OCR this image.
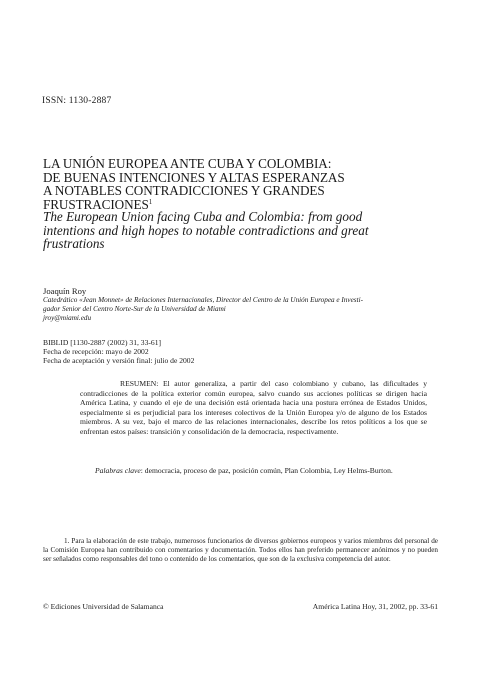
ISSN: 1130-2887
LA UNIÓN EUROPEA ANTE CUBA Y COLOMBIA:
DE BUENAS INTENCIONES Y ALTAS ESPERANZAS
A NOTABLES CONTRADICCIONES Y GRANDES
FRUSTRACIONES$^1$
The European Union facing Cuba and Colombia: from good
intentions and high hopes to notable contradictions and great
frustrations
Joaquín Roy
Catedrático «Jean Monnet» de Relaciones Internacionales, Director del Centro de la Unión Europea e Investi-
gador Senior del Centro Norte-Sur de la Universidad de Miami
jroy@miami.edu
BIBLID [1130-2887 (2002) 31, 33-61]
Fecha de recepción: mayo de 2002
Fecha de aceptación y versión final: julio de 2002
RESUMEN: El autor generaliza, a partir del caso colombiano y cubano, las dificultades y contradicciones de la política exterior común europea, salvo cuando sus acciones políticas se dirigen hacia América Latina, y cuando el eje de una decisión está orientada hacia una postura errónea de Estados Unidos, especialmente si es perjudicial para los intereses colectivos de la Unión Europea y/o de alguno de los Estados miembros. A su vez, bajo el marco de las relaciones internacionales, describe los retos políticos a los que se enfrentan estos países: transición y consolidación de la democracia, respectivamente.
Palabras clave: democracia, proceso de paz, posición común, Plan Colombia, Ley Helms-Burton.
1. Para la elaboración de este trabajo, numerosos funcionarios de diversos gobiernos europeos y varios miembros del personal de la Comisión Europea han contribuido con comentarios y documentación. Todos ellos han preferido permanecer anónimos y no pueden ser señalados como responsables del tono o contenido de los comentarios, que son de la exclusiva competencia del autor.
© Ediciones Universidad de Salamanca	América Latina Hoy, 31, 2002, pp. 33-61
